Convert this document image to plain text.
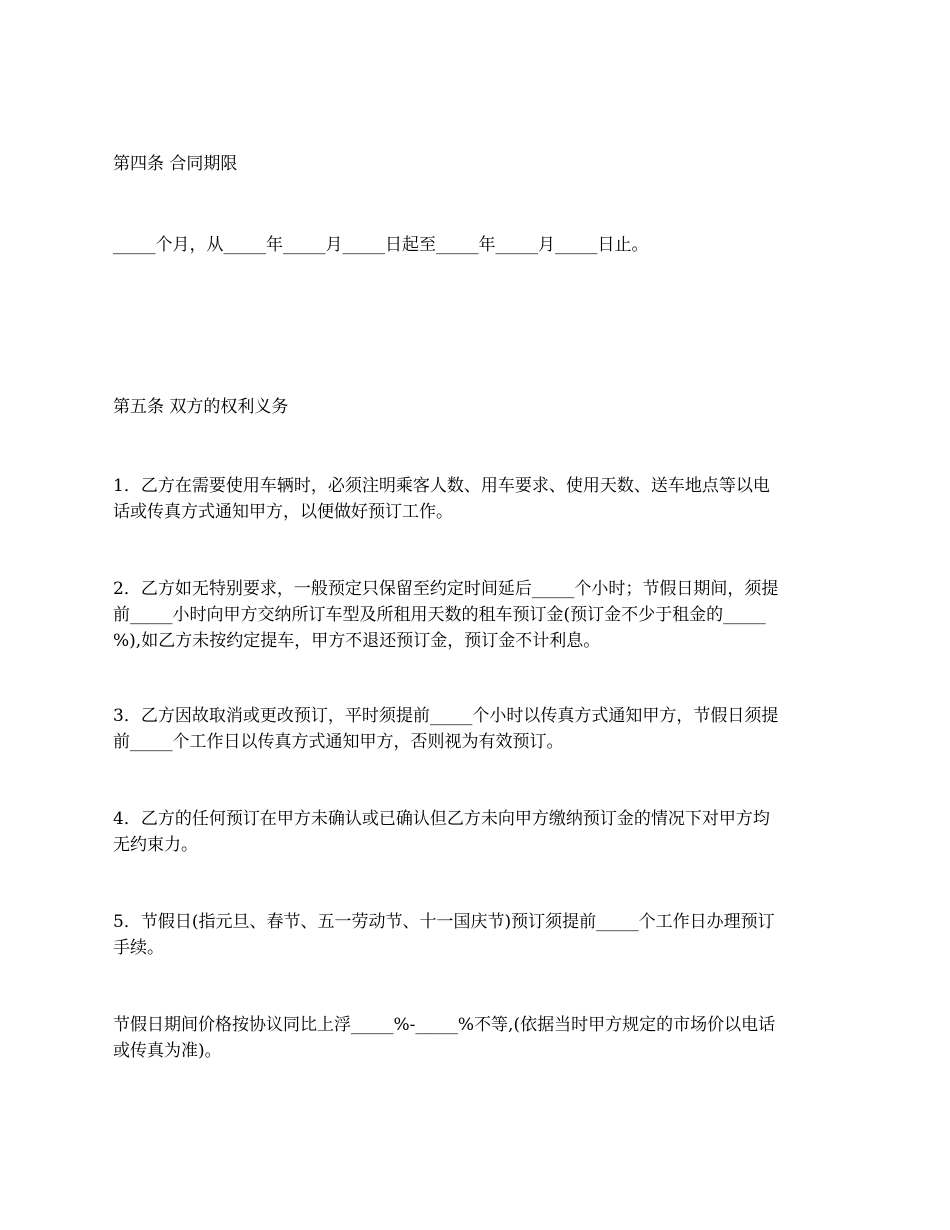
第四条 合同期限

_____个月，从_____年_____月_____日起至_____年_____月_____日止。

第五条 双方的权利义务

1．乙方在需要使用车辆时，必须注明乘客人数、用车要求、使用天数、送车地点等以电
话或传真方式通知甲方，以便做好预订工作。
2．乙方如无特别要求，一般预定只保留至约定时间延后_____个小时；节假日期间，须提
前_____小时向甲方交纳所订车型及所租用天数的租车预订金(预订金不少于租金的_____
%),如乙方未按约定提车，甲方不退还预订金，预订金不计利息。
3．乙方因故取消或更改预订，平时须提前_____个小时以传真方式通知甲方，节假日须提
前_____个工作日以传真方式通知甲方，否则视为有效预订。
4．乙方的任何预订在甲方未确认或已确认但乙方未向甲方缴纳预订金的情况下对甲方均
无约束力。
5．节假日(指元旦、春节、五一劳动节、十一国庆节)预订须提前_____个工作日办理预订
手续。
节假日期间价格按协议同比上浮_____%-_____%不等,(依据当时甲方规定的市场价以电话
或传真为准)。
